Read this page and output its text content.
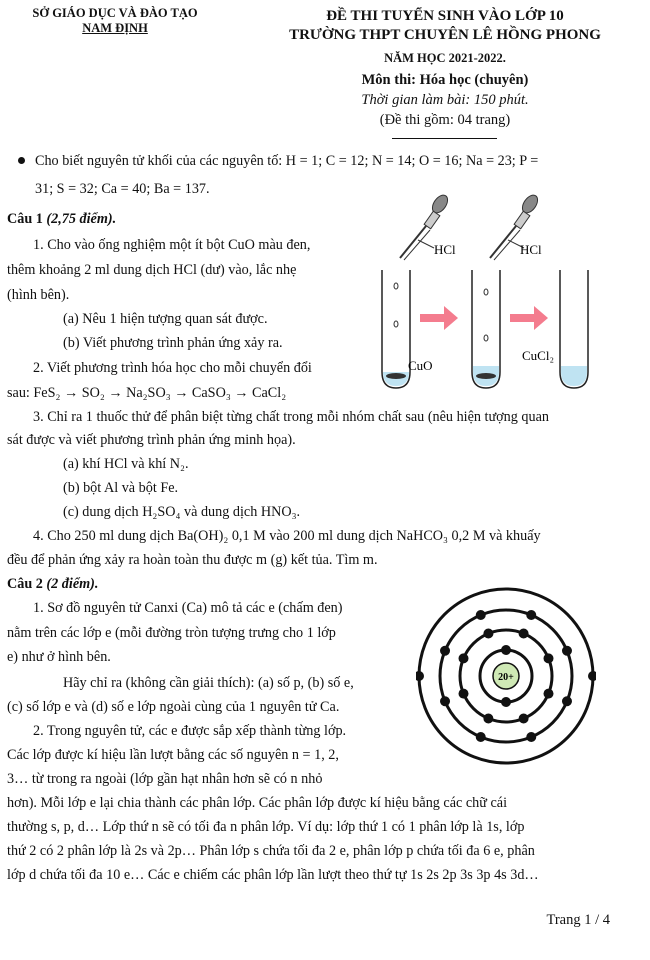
SỞ GIÁO DỤC VÀ ĐÀO TẠO
NAM ĐỊNH
ĐỀ THI TUYỂN SINH VÀO LỚP 10
TRƯỜNG THPT CHUYÊN LÊ HỒNG PHONG
NĂM HỌC 2021-2022.
Môn thi: Hóa học (chuyên)
Thời gian làm bài: 150 phút.
(Đề thi gồm: 04 trang)
Cho biết nguyên tử khối của các nguyên tố: H = 1; C = 12; N = 14; O = 16; Na = 23; P =
31; S = 32; Ca = 40; Ba = 137.
Câu 1 (2,75 điểm).
1. Cho vào ống nghiệm một ít bột CuO màu đen,
thêm khoảng 2 ml dung dịch HCl (dư) vào, lắc nhẹ
(hình bên).
(a) Nêu 1 hiện tượng quan sát được.
(b) Viết phương trình phản ứng xảy ra.
2. Viết phương trình hóa học cho mỗi chuyển đổi
sau: FeS₂ → SO₂ → Na₂SO₃ → CaSO₃ → CaCl₂
3. Chỉ ra 1 thuốc thử để phân biệt từng chất trong mỗi nhóm chất sau (nêu hiện tượng quan
sát được và viết phương trình phản ứng minh họa).
(a) khí HCl và khí N₂.
(b) bột Al và bột Fe.
(c) dung dịch H₂SO₄ và dung dịch HNO₃.
4. Cho 250 ml dung dịch Ba(OH)₂ 0,1 M vào 200 ml dung dịch NaHCO₃ 0,2 M và khuấy
đều để phản ứng xảy ra hoàn toàn thu được m (g) kết tủa. Tìm m.
HCl	HCl
CuO
CuCl₂
Câu 2 (2 điểm).
1. Sơ đồ nguyên tử Canxi (Ca) mô tả các e (chấm đen)
nằm trên các lớp e (mỗi đường tròn tượng trưng cho 1 lớp
e) như ở hình bên.
Hãy chỉ ra (không cần giải thích): (a) số p, (b) số e,
(c) số lớp e và (d) số e lớp ngoài cùng của 1 nguyên tử Ca.
2. Trong nguyên tử, các e được sắp xếp thành từng lớp.
Các lớp được kí hiệu lần lượt bằng các số nguyên n = 1, 2,
3… từ trong ra ngoài (lớp gần hạt nhân hơn sẽ có n nhỏ
hơn). Mỗi lớp e lại chia thành các phân lớp. Các phân lớp được kí hiệu bằng các chữ cái
thường s, p, d… Lớp thứ n sẽ có tối đa n phân lớp. Ví dụ: lớp thứ 1 có 1 phân lớp là 1s, lớp
thứ 2 có 2 phân lớp là 2s và 2p… Phân lớp s chứa tối đa 2 e, phân lớp p chứa tối đa 6 e, phân
lớp d chứa tối đa 10 e… Các e chiếm các phân lớp lần lượt theo thứ tự 1s 2s 2p 3s 3p 4s 3d…
20+
Trang 1 / 4
